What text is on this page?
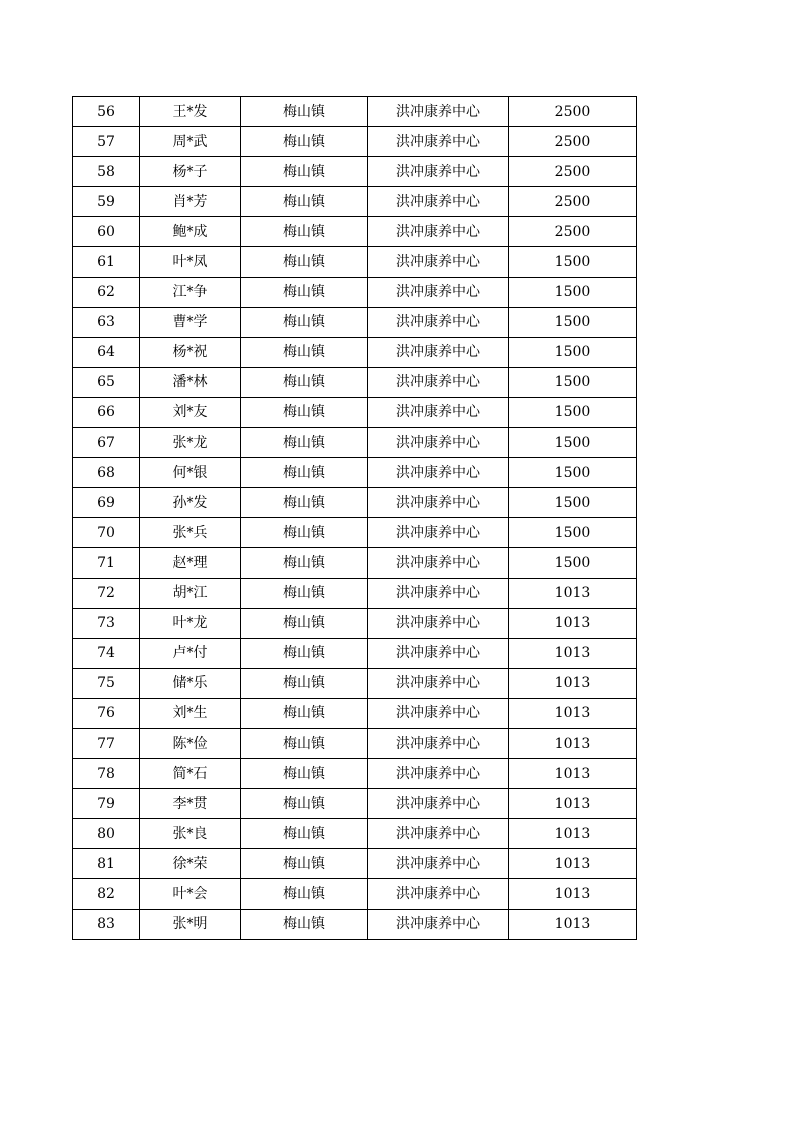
56	王*发	梅山镇	洪冲康养中心	2500
57	周*武	梅山镇	洪冲康养中心	2500
58	杨*子	梅山镇	洪冲康养中心	2500
59	肖*芳	梅山镇	洪冲康养中心	2500
60	鲍*成	梅山镇	洪冲康养中心	2500
61	叶*凤	梅山镇	洪冲康养中心	1500
62	江*争	梅山镇	洪冲康养中心	1500
63	曹*学	梅山镇	洪冲康养中心	1500
64	杨*祝	梅山镇	洪冲康养中心	1500
65	潘*林	梅山镇	洪冲康养中心	1500
66	刘*友	梅山镇	洪冲康养中心	1500
67	张*龙	梅山镇	洪冲康养中心	1500
68	何*银	梅山镇	洪冲康养中心	1500
69	孙*发	梅山镇	洪冲康养中心	1500
70	张*兵	梅山镇	洪冲康养中心	1500
71	赵*理	梅山镇	洪冲康养中心	1500
72	胡*江	梅山镇	洪冲康养中心	1013
73	叶*龙	梅山镇	洪冲康养中心	1013
74	卢*付	梅山镇	洪冲康养中心	1013
75	储*乐	梅山镇	洪冲康养中心	1013
76	刘*生	梅山镇	洪冲康养中心	1013
77	陈*俭	梅山镇	洪冲康养中心	1013
78	简*石	梅山镇	洪冲康养中心	1013
79	李*贯	梅山镇	洪冲康养中心	1013
80	张*良	梅山镇	洪冲康养中心	1013
81	徐*荣	梅山镇	洪冲康养中心	1013
82	叶*会	梅山镇	洪冲康养中心	1013
83	张*明	梅山镇	洪冲康养中心	1013
